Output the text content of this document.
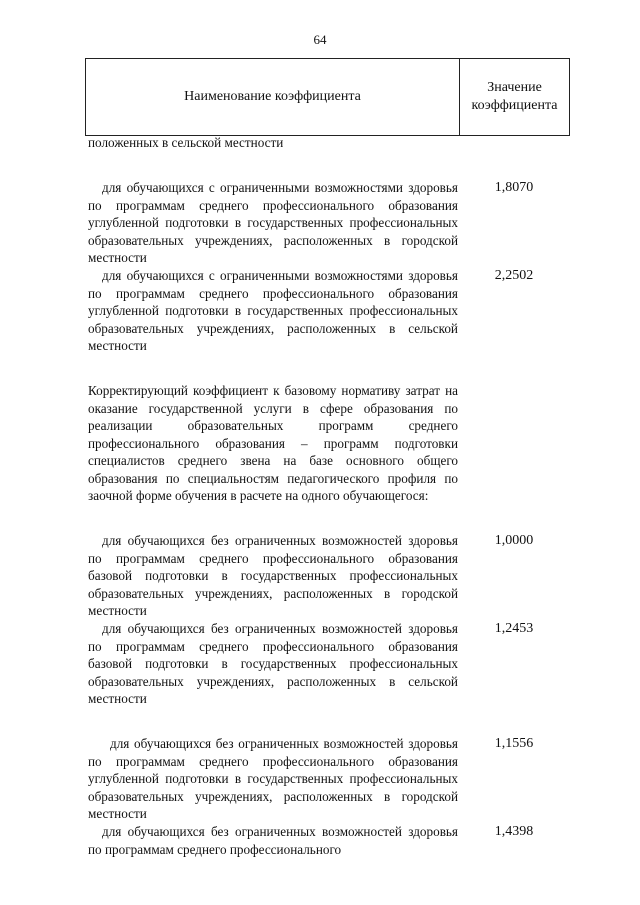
64
Наименование коэффициента
Значение
коэффициента
положенных в сельской местности
для обучающихся с ограниченными возможностями здоровья по программам среднего профессионального образования углубленной подготовки в государственных профессиональных образовательных учреждениях, расположенных в городской местности
1,8070
для обучающихся с ограниченными возможностями здоровья по программам среднего профессионального образования углубленной подготовки в государственных профессиональных образовательных учреждениях, расположенных в сельской местности
2,2502
Корректирующий коэффициент к базовому нормативу затрат на оказание государственной услуги в сфере образования по реализации образовательных программ среднего профессионального образования – программ подготовки специалистов среднего звена на базе основного общего образования по специальностям педагогического профиля по заочной форме обучения в расчете на одного обучающегося:
для обучающихся без ограниченных возможностей здоровья по программам среднего профессионального образования базовой подготовки в государственных профессиональных образовательных учреждениях, расположенных в городской местности
1,0000
для обучающихся без ограниченных возможностей здоровья по программам среднего профессионального образования базовой подготовки в государственных профессиональных образовательных учреждениях, расположенных в сельской местности
1,2453
для обучающихся без ограниченных возможностей здоровья по программам среднего профессионального образования углубленной подготовки в государственных профессиональных образовательных учреждениях, расположенных в городской местности
1,1556
для обучающихся без ограниченных возможностей здоровья по программам среднего профессионального
1,4398
